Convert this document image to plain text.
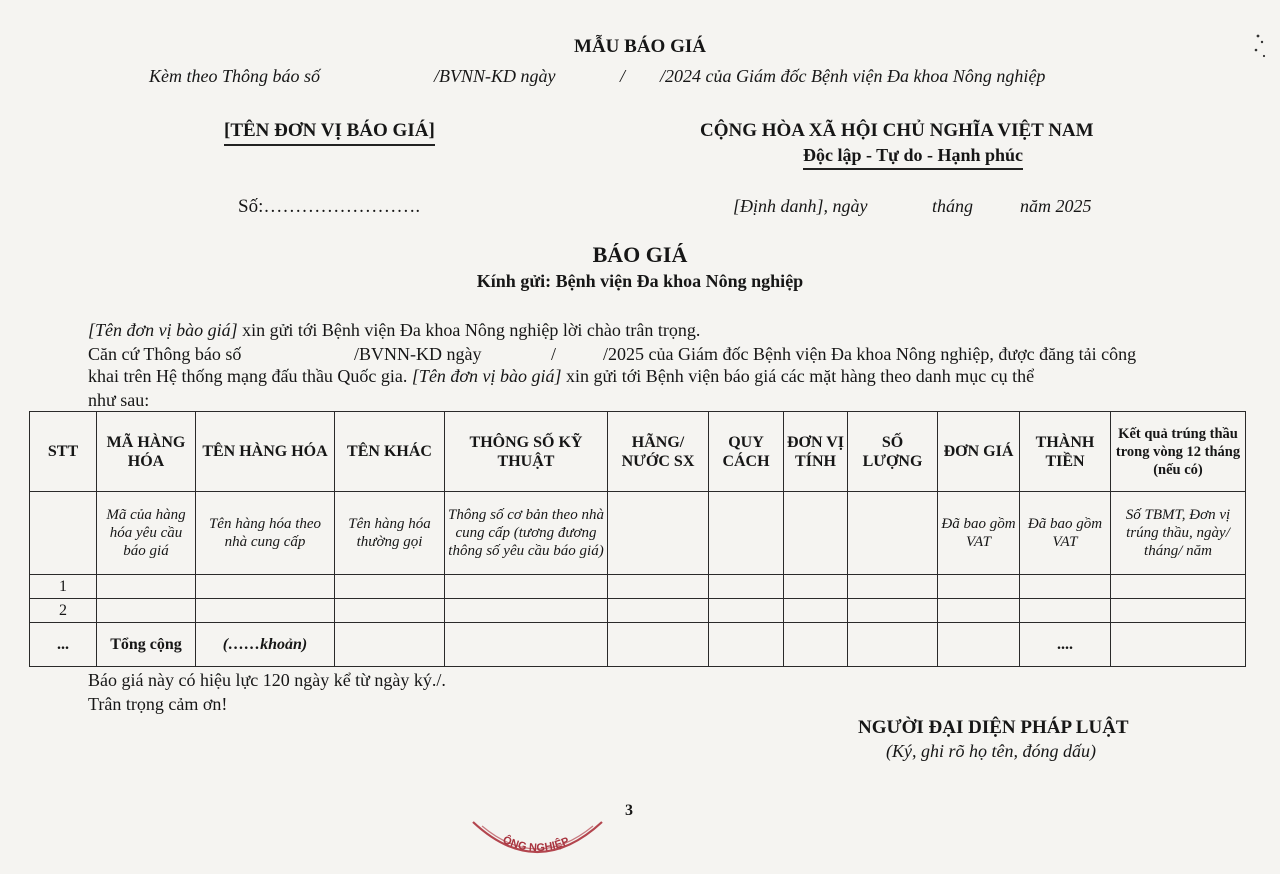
MẪU BÁO GIÁ
Kèm theo Thông báo số	/BVNN-KD ngày	/ /2024 của Giám đốc Bệnh viện Đa khoa Nông nghiệp
[TÊN ĐƠN VỊ BÁO GIÁ]	CỘNG HÒA XÃ HỘI CHỦ NGHĨA VIỆT NAM
Độc lập - Tự do - Hạnh phúc
Số:…………………….	[Định danh], ngày	tháng	năm 2025
BÁO GIÁ
Kính gửi: Bệnh viện Đa khoa Nông nghiệp
[Tên đơn vị bào giá] xin gửi tới Bệnh viện Đa khoa Nông nghiệp lời chào trân trọng.
Căn cứ Thông báo số	/BVNN-KD ngày	/	/2025 của Giám đốc Bệnh viện Đa khoa Nông nghiệp, được đăng tải công
khai trên Hệ thống mạng đấu thầu Quốc gia. [Tên đơn vị bào giá] xin gửi tới Bệnh viện báo giá các mặt hàng theo danh mục cụ thể
như sau:
STT	MÃ HÀNG HÓA	TÊN HÀNG HÓA	TÊN KHÁC	THÔNG SỐ KỸ THUẬT	HÃNG/ NƯỚC SX	QUY CÁCH	ĐƠN VỊ TÍNH	SỐ LƯỢNG	ĐƠN GIÁ	THÀNH TIỀN	Kết quả trúng thầu trong vòng 12 tháng (nếu có)
	Mã của hàng hóa yêu cầu báo giá	Tên hàng hóa theo nhà cung cấp	Tên hàng hóa thường gọi	Thông số cơ bản theo nhà cung cấp (tương đương thông số yêu cầu báo giá)					Đã bao gồm VAT	Đã bao gồm VAT	Số TBMT, Đơn vị trúng thầu, ngày/ tháng/ năm
1											
2											
...	Tổng cộng	(……khoản)								....	
Báo giá này có hiệu lực 120 ngày kể từ ngày ký./.
Trân trọng cảm ơn!
NGƯỜI ĐẠI DIỆN PHÁP LUẬT
(Ký, ghi rõ họ tên, đóng dấu)
3
ÔNG NGHIỆP
